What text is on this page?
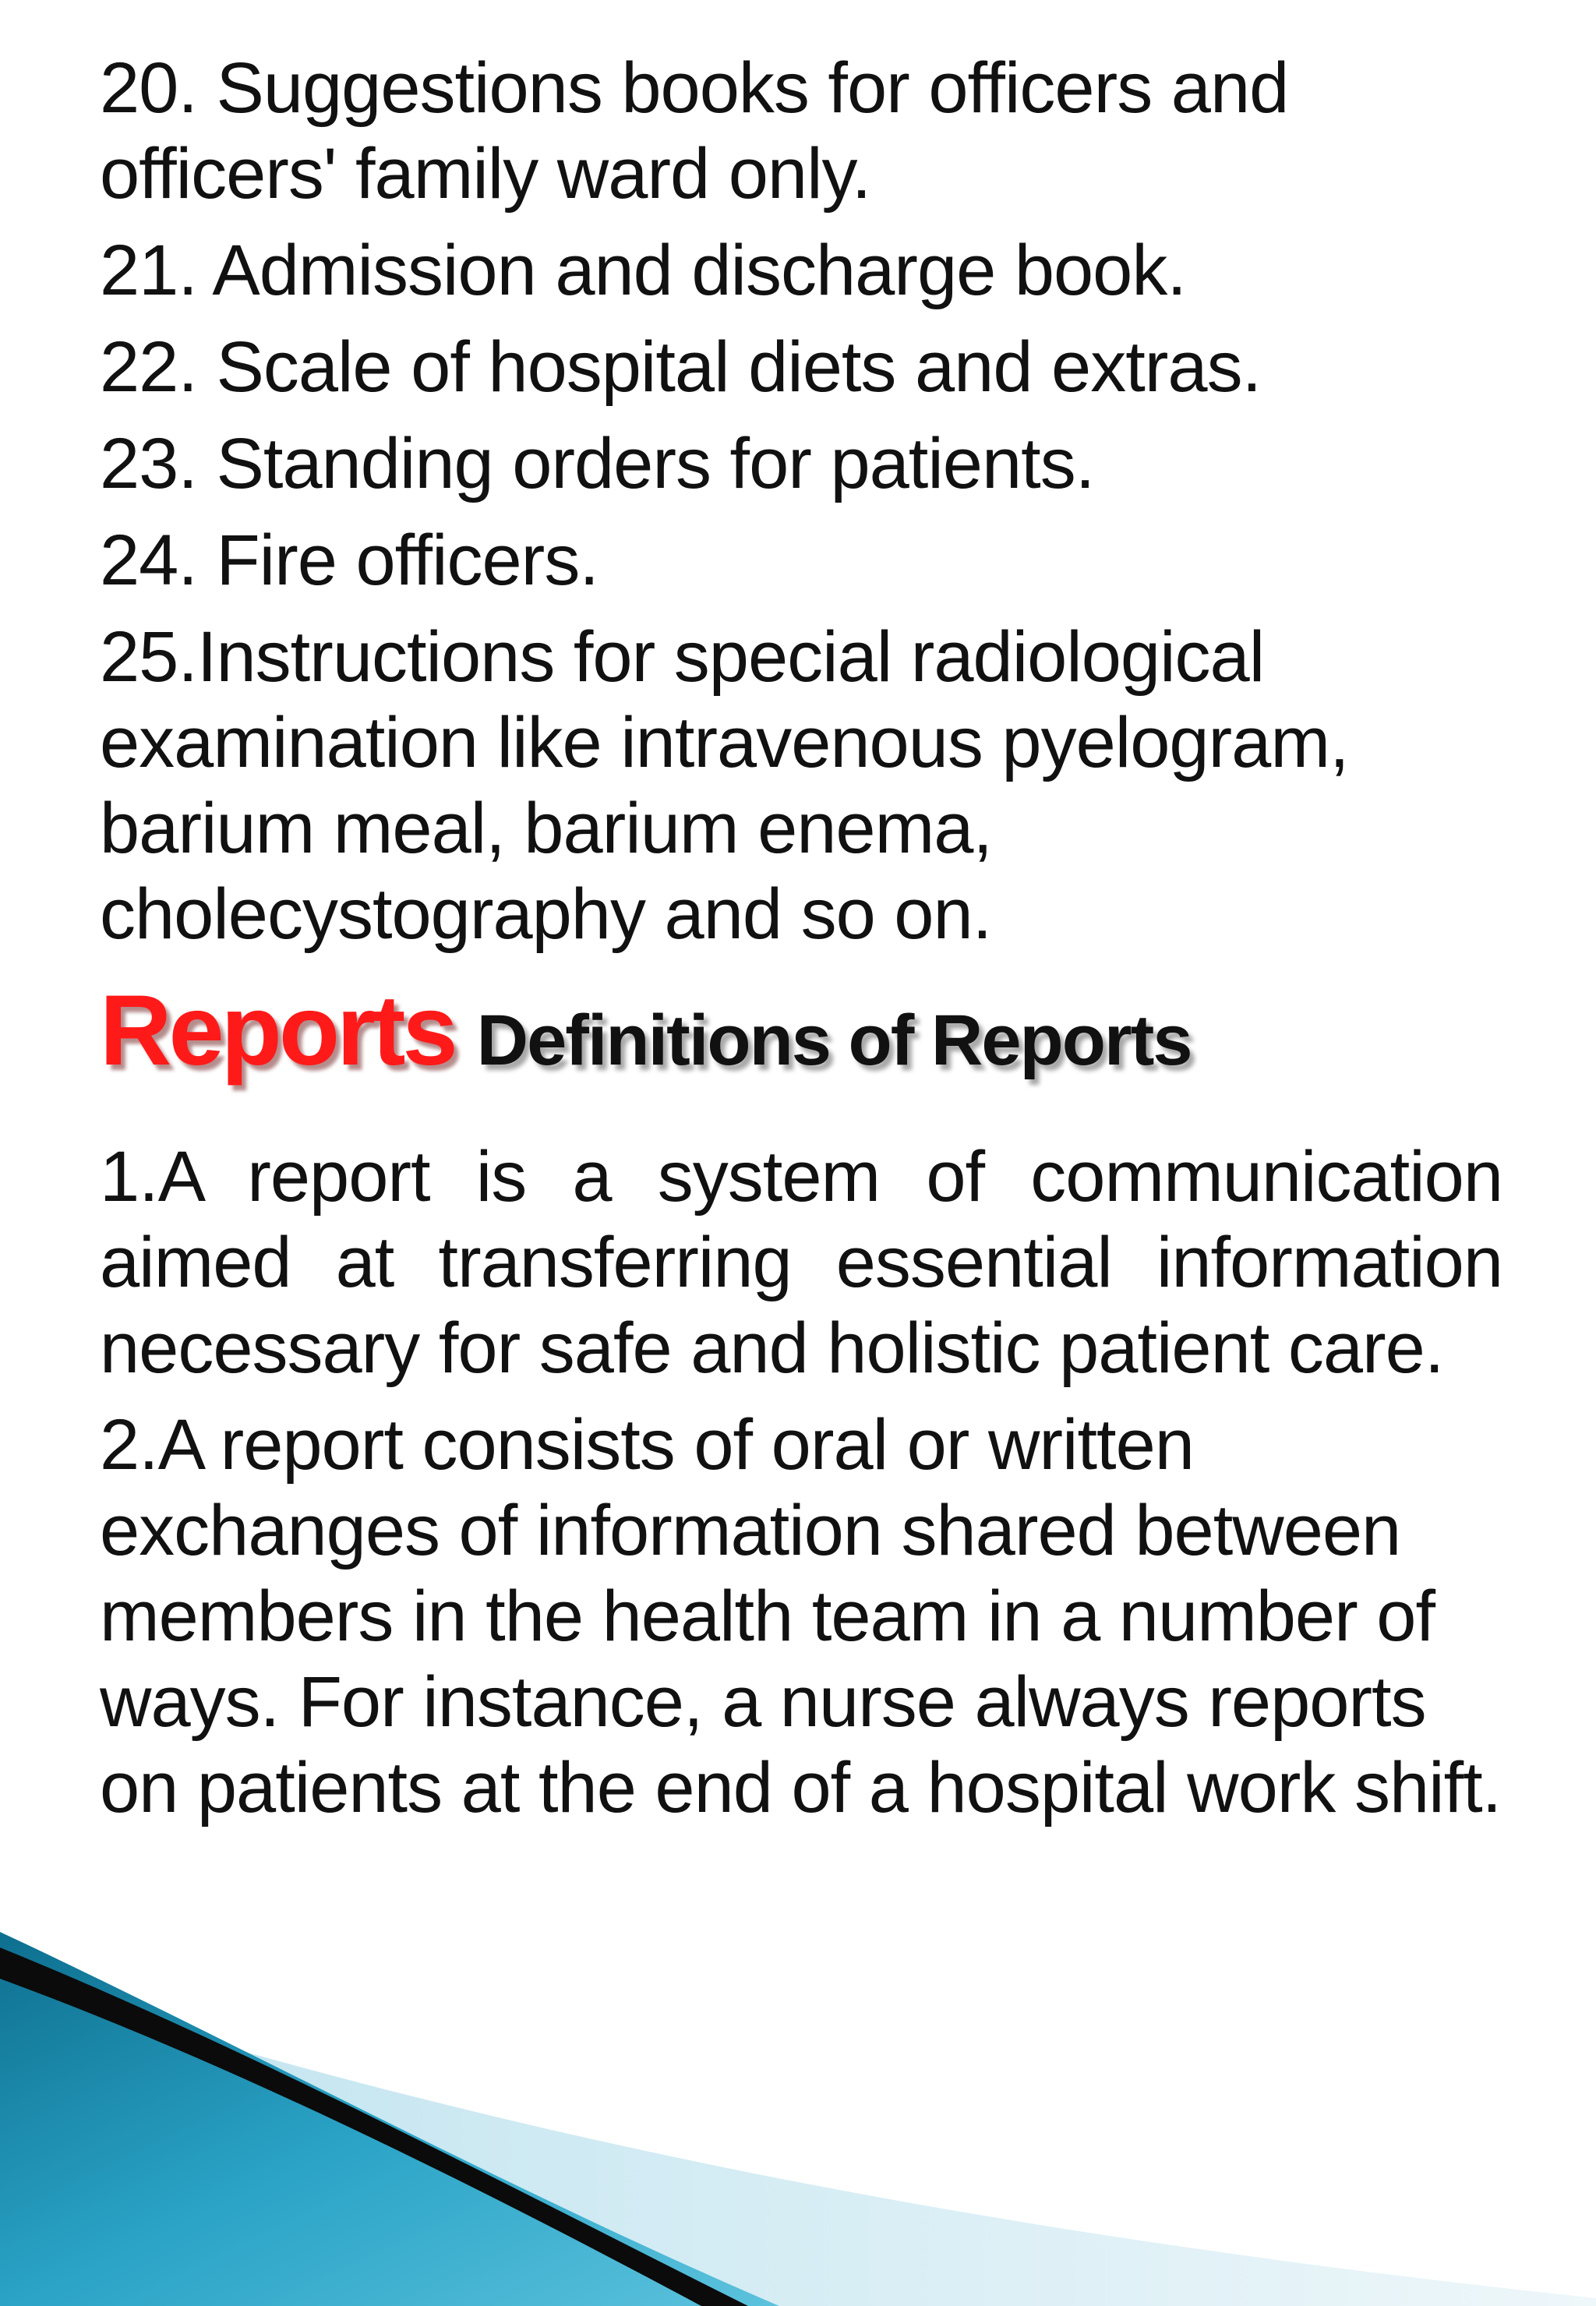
20. Suggestions books for officers and officers' family ward only.

21. Admission and discharge book.

22. Scale of hospital diets and extras.

23. Standing orders for patients.

24. Fire officers.

25.Instructions for special radiological examination like intravenous pyelogram, barium meal, barium enema, cholecystography and so on.

Reports Definitions of Reports

1.A report is a system of communication aimed at transferring essential information necessary for safe and holistic patient care.

2.A report consists of oral or written exchanges of information shared between members in the health team in a number of ways. For instance, a nurse always reports on patients at the end of a hospital work shift.
